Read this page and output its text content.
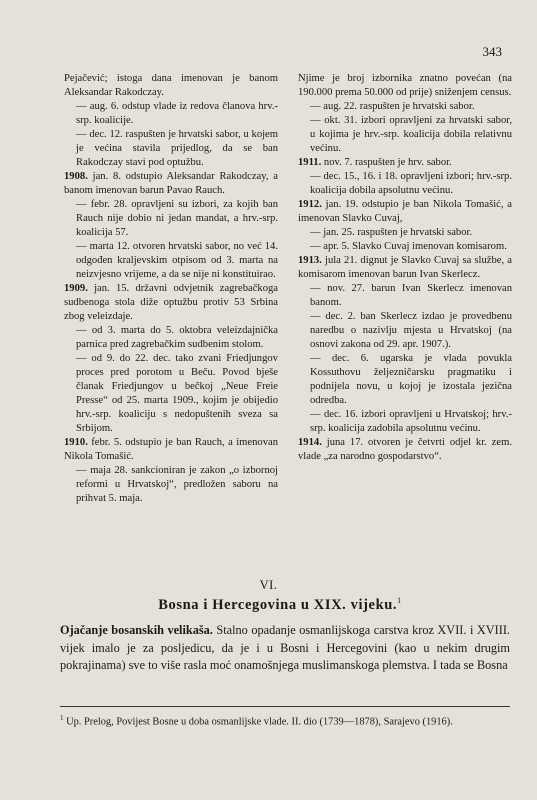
343

Pejačević; istoga dana imenovan je banom Aleksandar Rakodczay.

— aug. 6. odstup vlade iz redova članova hrv.-srp. koalicije.

— dec. 12. raspušten je hrvatski sabor, u kojem je većina stavila prijedlog, da se ban Rakodczay stavi pod optužbu.

1908. jan. 8. odstupio Aleksandar Rakodczay, a banom imenovan barun Pavao Rauch.

— febr. 28. opravljeni su izbori, za kojih ban Rauch nije dobio ni jedan mandat, a hrv.-srp. koalicija 57.

— marta 12. otvoren hrvatski sabor, no već 14. odgođen kraljevskim otpisom od 3. marta na neizvjesno vrijeme, a da se nije ni konstituirao.

1909. jan. 15. državni odvjetnik zagrebačkoga sudbenoga stola diže optužbu protiv 53 Srbina zbog veleizdaje.

— od 3. marta do 5. oktobra veleizdajnička parnica pred zagrebačkim sudbenim stolom.

— od 9. do 22. dec. tako zvani Friedjungov proces pred porotom u Beču. Povod bješe članak Friedjungov u bečkoj „Neue Freie Presse“ od 25. marta 1909., kojim je obijedio hrv.-srp. koaliciju s nedopuštenih sveza sa Srbijom.

1910. febr. 5. odstupio je ban Rauch, a imenovan Nikola Tomašić.

— maja 28. sankcioniran je zakon „o izbornoj reformi u Hrvatskoj“, predložen saboru na prihvat 5. maja.

Njime je broj izbornika znatno povećan (na 190.000 prema 50.000 od prije) sniženjem census.

— aug. 22. raspušten je hrvatski sabor.

— okt. 31. izbori opravljeni za hrvatski sabor, u kojima je hrv.-srp. koalicija dobila relativnu većinu.

1911. nov. 7. raspušten je hrv. sabor.

— dec. 15., 16. i 18. opravljeni izbori; hrv.-srp. koalicija dobila apsolutnu većinu.

1912. jan. 19. odstupio je ban Nikola Tomašić, a imenovan Slavko Cuvaj,

— jan. 25. raspušten je hrvatski sabor.

— apr. 5. Slavko Cuvaj imenovan komisarom.

1913. jula 21. dignut je Slavko Cuvaj sa službe, a komisarom imenovan barun Ivan Skerlecz.

— nov. 27. barun Ivan Skerlecz imenovan banom.

— dec. 2. ban Skerlecz izdao je provedbenu naredbu o nazivlju mjesta u Hrvatskoj (na osnovi zakona od 29. apr. 1907.).

— dec. 6. ugarska je vlada povukla Kossuthovu željezničarsku pragmatiku i podnijela novu, u kojoj je izostala jezična odredba.

— dec. 16. izbori opravljeni u Hrvatskoj; hrv.-srp. koalicija zadobila apsolutnu većinu.

1914. juna 17. otvoren je četvrti odjel kr. zem. vlade „za narodno gospodarstvo“.

VI.
Bosna i Hercegovina u XIX. vijeku.$^1$
Ojačanje bosanskih velikaša. Stalno opadanje osmanlijskoga carstva kroz XVII. i XVIII. vijek imalo je za posljedicu, da je i u Bosni i Hercegovini (kao u nekim drugim pokrajinama) sve to više rasla moć onamošnjega muslimanskoga plemstva. I tada se Bosna
$^1$ Up. Prelog, Povijest Bosne u doba osmanlijske vlade. II. dio (1739—1878), Sarajevo (1916).
